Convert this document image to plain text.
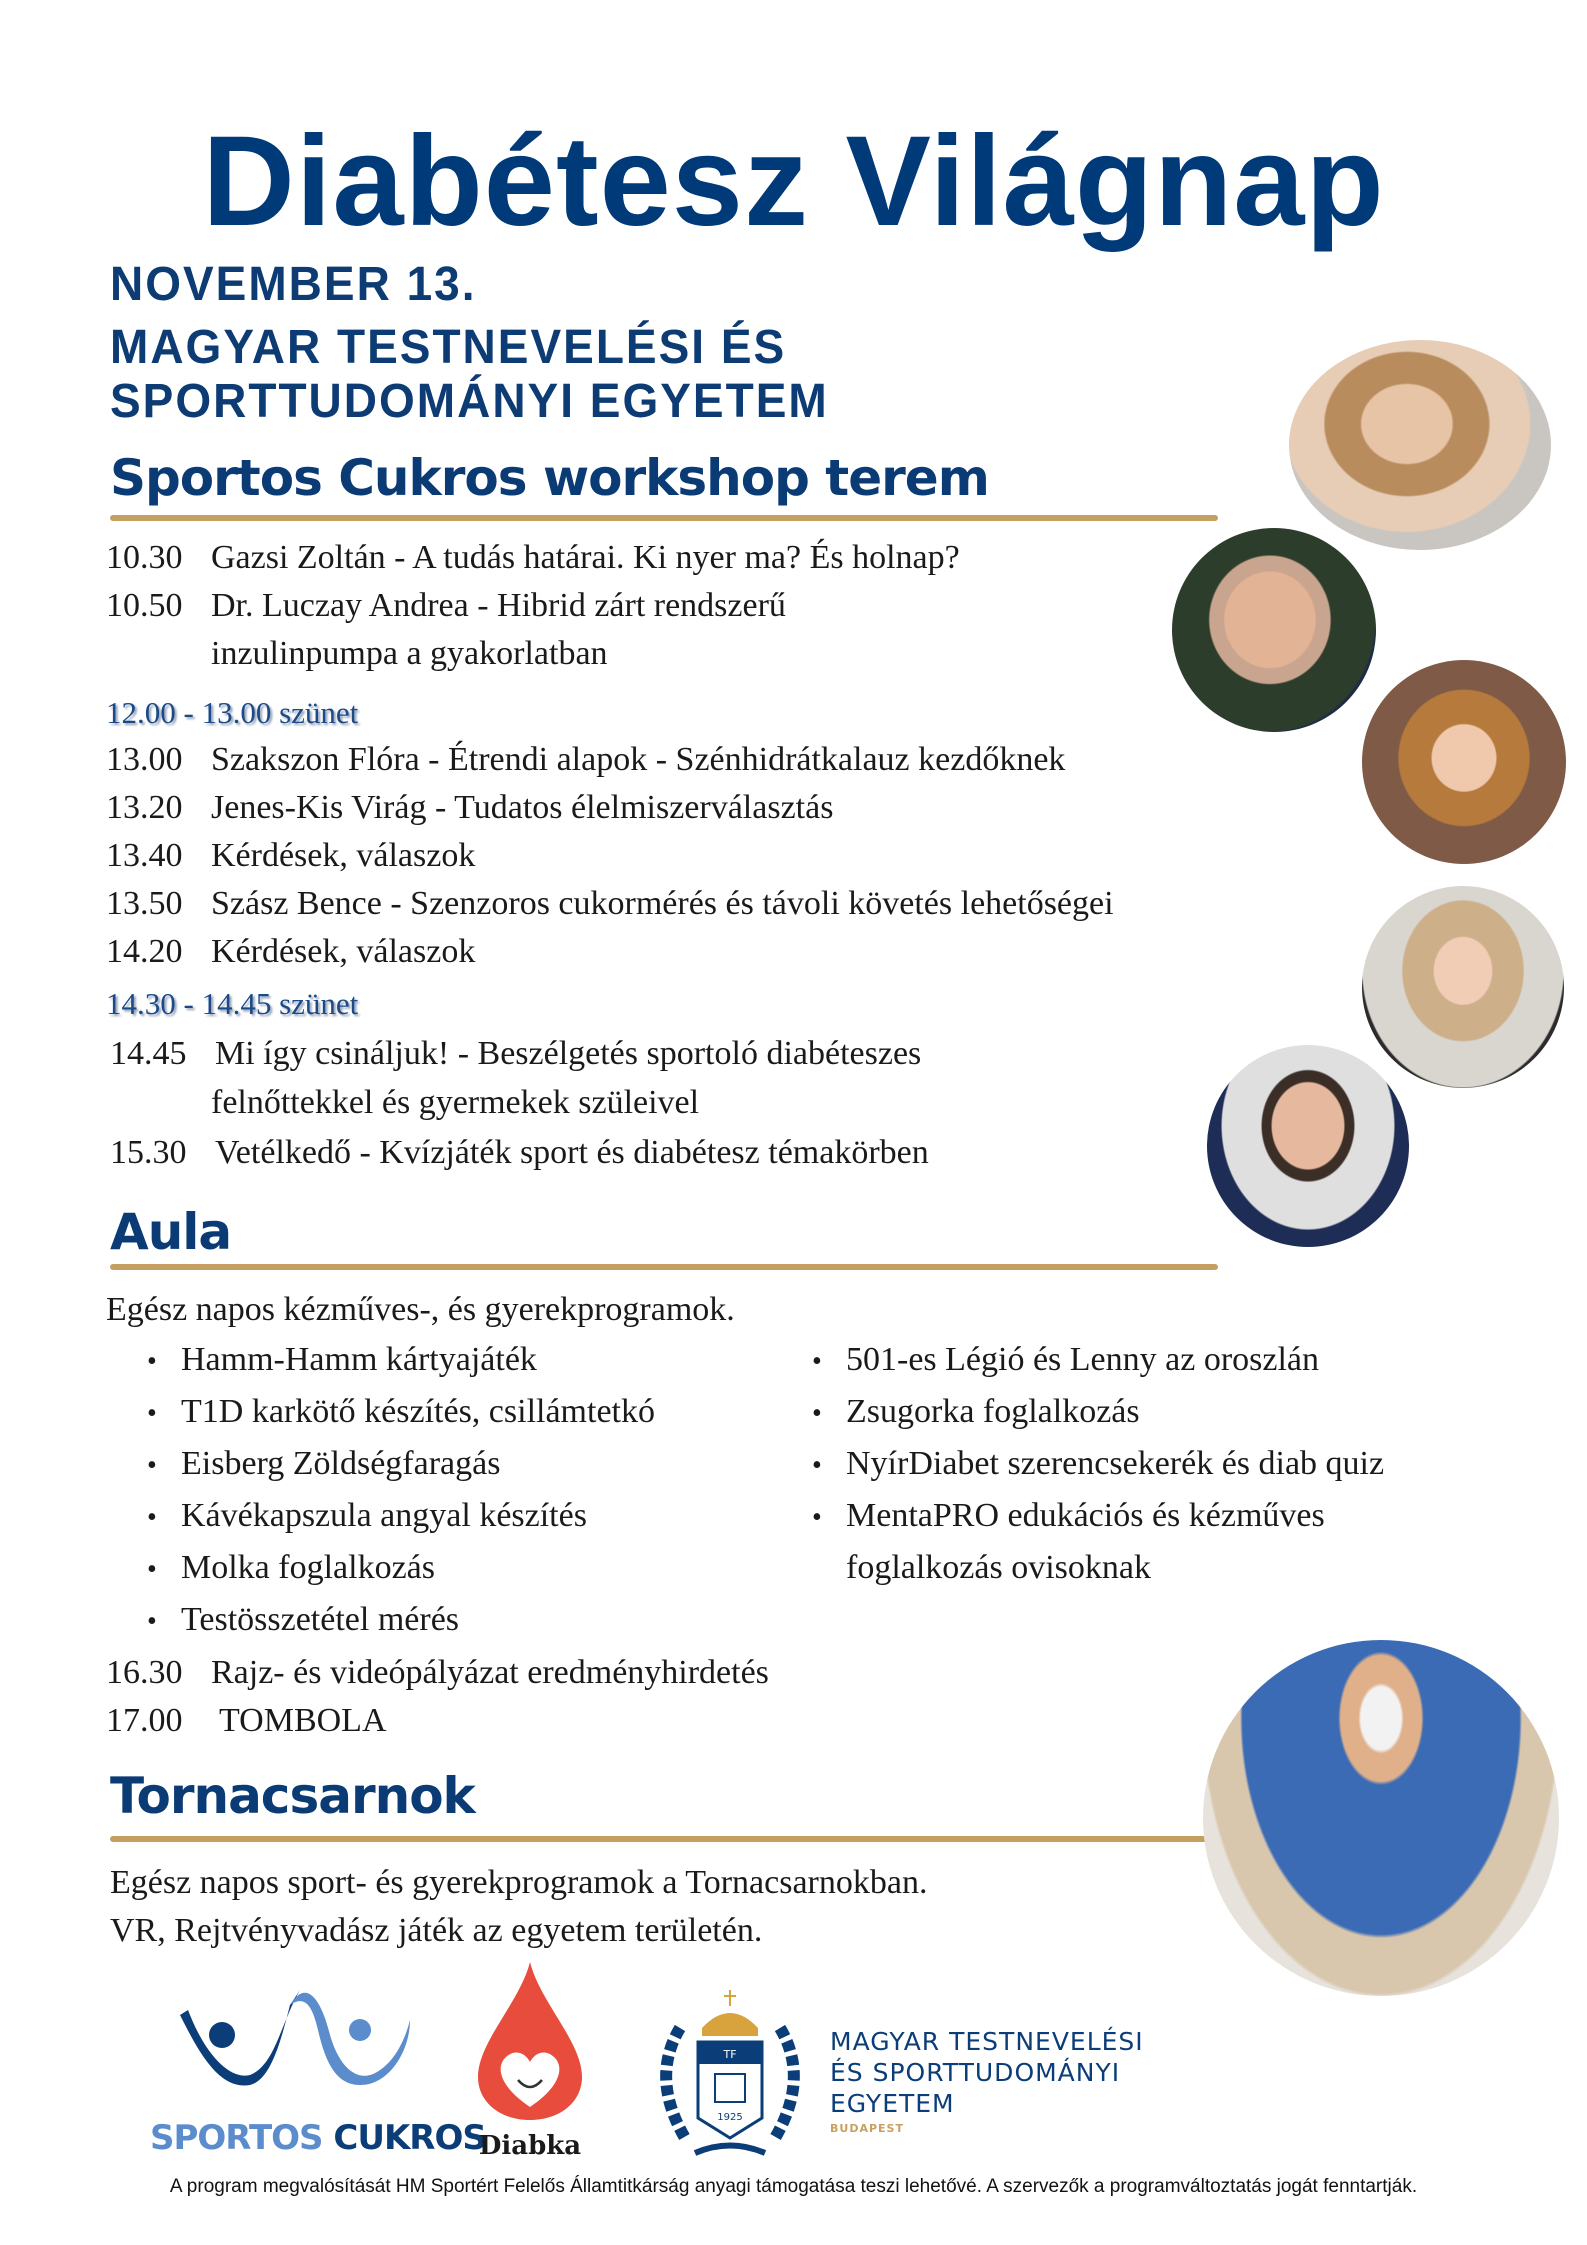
Diabétesz Világnap
NOVEMBER 13.
MAGYAR TESTNEVELÉSI ÉS
SPORTTUDOMÁNYI EGYETEM
Sportos Cukros workshop terem
10.30 Gazsi Zoltán - A tudás határai. Ki nyer ma? És holnap?
10.50 Dr. Luczay Andrea - Hibrid zárt rendszerű
inzulinpumpa a gyakorlatban
12.00 - 13.00 szünet
13.00 Szakszon Flóra - Étrendi alapok - Szénhidrátkalauz kezdőknek
13.20 Jenes-Kis Virág - Tudatos élelmiszerválasztás
13.40 Kérdések, válaszok
13.50 Szász Bence - Szenzoros cukormérés és távoli követés lehetőségei
14.20 Kérdések, válaszok
14.30 - 14.45 szünet
14.45 Mi így csináljuk! - Beszélgetés sportoló diabéteszes
felnőttekkel és gyermekek szüleivel
15.30 Vetélkedő - Kvízjáték sport és diabétesz témakörben
Aula
Egész napos kézműves-, és gyerekprogramok.
• Hamm-Hamm kártyajáték
• T1D karkötő készítés, csillámtetkó
• Eisberg Zöldségfaragás
• Kávékapszula angyal készítés
• Molka foglalkozás
• Testösszetétel mérés
• 501-es Légió és Lenny az oroszlán
• Zsugorka foglalkozás
• NyírDiabet szerencsekerék és diab quiz
• MentaPRO edukációs és kézműves
foglalkozás ovisoknak
16.30 Rajz- és videópályázat eredményhirdetés
17.00 TOMBOLA
Tornacsarnok
Egész napos sport- és gyerekprogramok a Tornacsarnokban.
VR, Rejtvényvadász játék az egyetem területén.
SPORTOS CUKROS
Diabka
TF
1925
MAGYAR TESTNEVELÉSI
ÉS SPORTTUDOMÁNYI
EGYETEM
BUDAPEST
A program megvalósítását HM Sportért Felelős Államtitkárság anyagi támogatása teszi lehetővé. A szervezők a programváltoztatás jogát fenntartják.
